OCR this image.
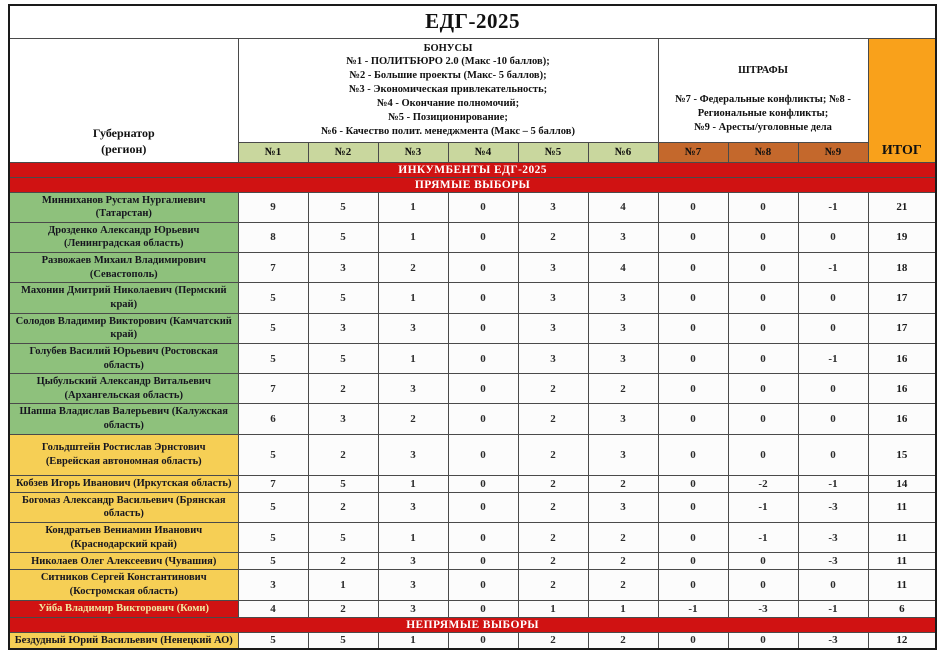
ЕДГ-2025										

Губернатор
(регион)

БОНУСЫ
№1 - ПОЛИТБЮРО 2.0 (Макс -10 баллов);
№2 - Большие проекты (Макс- 5 баллов);
№3 - Экономическая привлекательность;
№4 - Окончание полномочий;
№5 - Позиционирование;
№6 - Качество полит. менеджмента (Макс – 5 баллов)

ШТРАФЫ
№7 - Федеральные конфликты; №8 - Региональные конфликты;
№9 - Аресты/уголовные дела
	ИТОГ
	№1	№2	№3	№4	№5	№6	№7	№8	№9	
ИНКУМБЕНТЫ ЕДГ-2025										
ПРЯМЫЕ ВЫБОРЫ										
Минниханов Рустам Нургалиевич (Татарстан)	9	5	1	0	3	4	0	0	-1	21
Дрозденко Александр Юрьевич (Ленинградская область)	8	5	1	0	2	3	0	0	0	19
Развожаев Михаил Владимирович (Севастополь)	7	3	2	0	3	4	0	0	-1	18
Махонин Дмитрий Николаевич (Пермский край)	5	5	1	0	3	3	0	0	0	17
Солодов Владимир Викторович (Камчатский край)	5	3	3	0	3	3	0	0	0	17
Голубев Василий Юрьевич (Ростовская область)	5	5	1	0	3	3	0	0	-1	16
Цыбульский Александр Витальевич (Архангельская область)	7	2	3	0	2	2	0	0	0	16
Шапша Владислав Валерьевич (Калужская область)	6	3	2	0	2	3	0	0	0	16
Гольдштейн Ростислав Эрнстович (Еврейская автономная область)	5	2	3	0	2	3	0	0	0	15
Кобзев Игорь Иванович (Иркутская область)	7	5	1	0	2	2	0	-2	-1	14
Богомаз Александр Васильевич (Брянская область)	5	2	3	0	2	3	0	-1	-3	11
Кондратьев Вениамин Иванович (Краснодарский край)	5	5	1	0	2	2	0	-1	-3	11
Николаев Олег Алексеевич (Чувашия)	5	2	3	0	2	2	0	0	-3	11
Ситников Сергей Константинович (Костромская область)	3	1	3	0	2	2	0	0	0	11
Уйба Владимир Викторович (Коми)	4	2	3	0	1	1	-1	-3	-1	6
НЕПРЯМЫЕ ВЫБОРЫ										
Бездудный Юрий Васильевич (Ненецкий АО)	5	5	1	0	2	2	0	0	-3	12
